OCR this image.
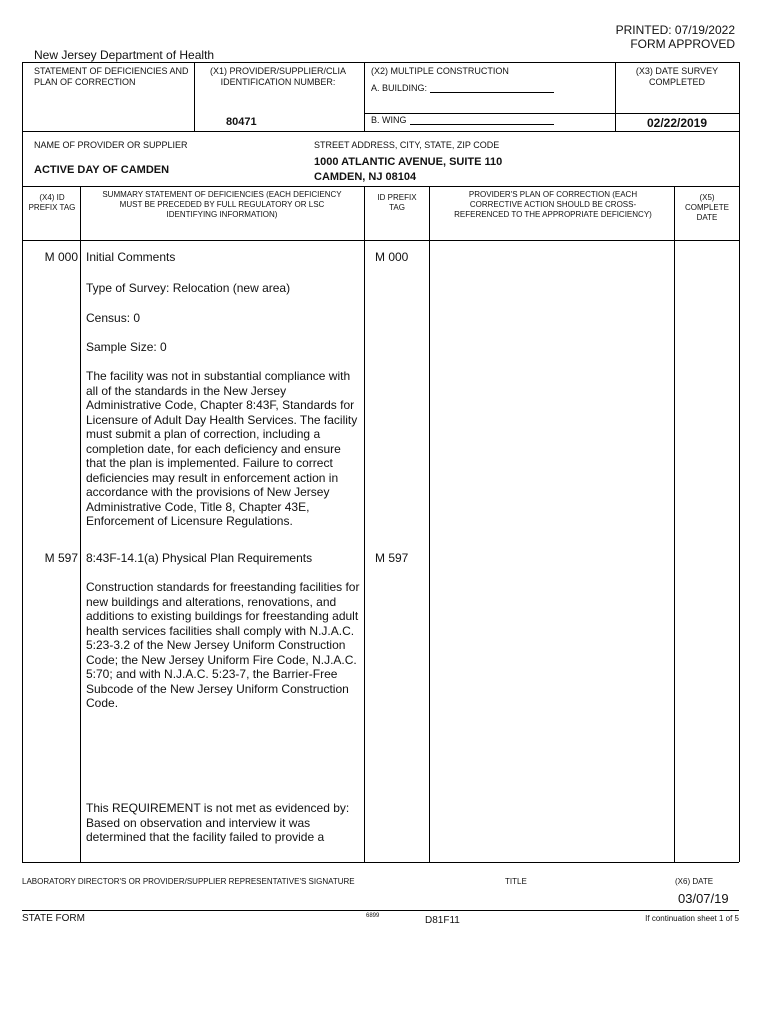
PRINTED: 07/19/2022
FORM APPROVED
New Jersey Department of Health
STATEMENT OF DEFICIENCIES AND PLAN OF CORRECTION
(X1) PROVIDER/SUPPLIER/CLIA IDENTIFICATION NUMBER:
80471
(X2) MULTIPLE CONSTRUCTION
A. BUILDING:
B. WING
(X3) DATE SURVEY COMPLETED
02/22/2019
NAME OF PROVIDER OR SUPPLIER
ACTIVE DAY OF CAMDEN
STREET ADDRESS, CITY, STATE, ZIP CODE
1000 ATLANTIC AVENUE, SUITE 110
CAMDEN, NJ 08104
(X4) ID PREFIX TAG
SUMMARY STATEMENT OF DEFICIENCIES (EACH DEFICIENCY MUST BE PRECEDED BY FULL REGULATORY OR LSC IDENTIFYING INFORMATION)
ID PREFIX TAG
PROVIDER'S PLAN OF CORRECTION (EACH CORRECTIVE ACTION SHOULD BE CROSS-REFERENCED TO THE APPROPRIATE DEFICIENCY)
(X5) COMPLETE DATE
M 000	M 000
Initial Comments
Type of Survey: Relocation (new area)
Census: 0
Sample Size: 0
The facility was not in substantial compliance with all of the standards in the New Jersey Administrative Code, Chapter 8:43F, Standards for Licensure of Adult Day Health Services. The facility must submit a plan of correction, including a completion date, for each deficiency and ensure that the plan is implemented. Failure to correct deficiencies may result in enforcement action in accordance with the provisions of New Jersey Administrative Code, Title 8, Chapter 43E, Enforcement of Licensure Regulations.
M 597	M 597
8:43F-14.1(a) Physical Plan Requirements
Construction standards for freestanding facilities for new buildings and alterations, renovations, and additions to existing buildings for freestanding adult health services facilities shall comply with N.J.A.C. 5:23-3.2 of the New Jersey Uniform Construction Code; the New Jersey Uniform Fire Code, N.J.A.C. 5:70; and with N.J.A.C. 5:23-7, the Barrier-Free Subcode of the New Jersey Uniform Construction Code.
This REQUIREMENT is not met as evidenced by:
Based on observation and interview it was determined that the facility failed to provide a
LABORATORY DIRECTOR'S OR PROVIDER/SUPPLIER REPRESENTATIVE'S SIGNATURE	TITLE	(X6) DATE
03/07/19
STATE FORM	6899	D81F11	If continuation sheet 1 of 5
